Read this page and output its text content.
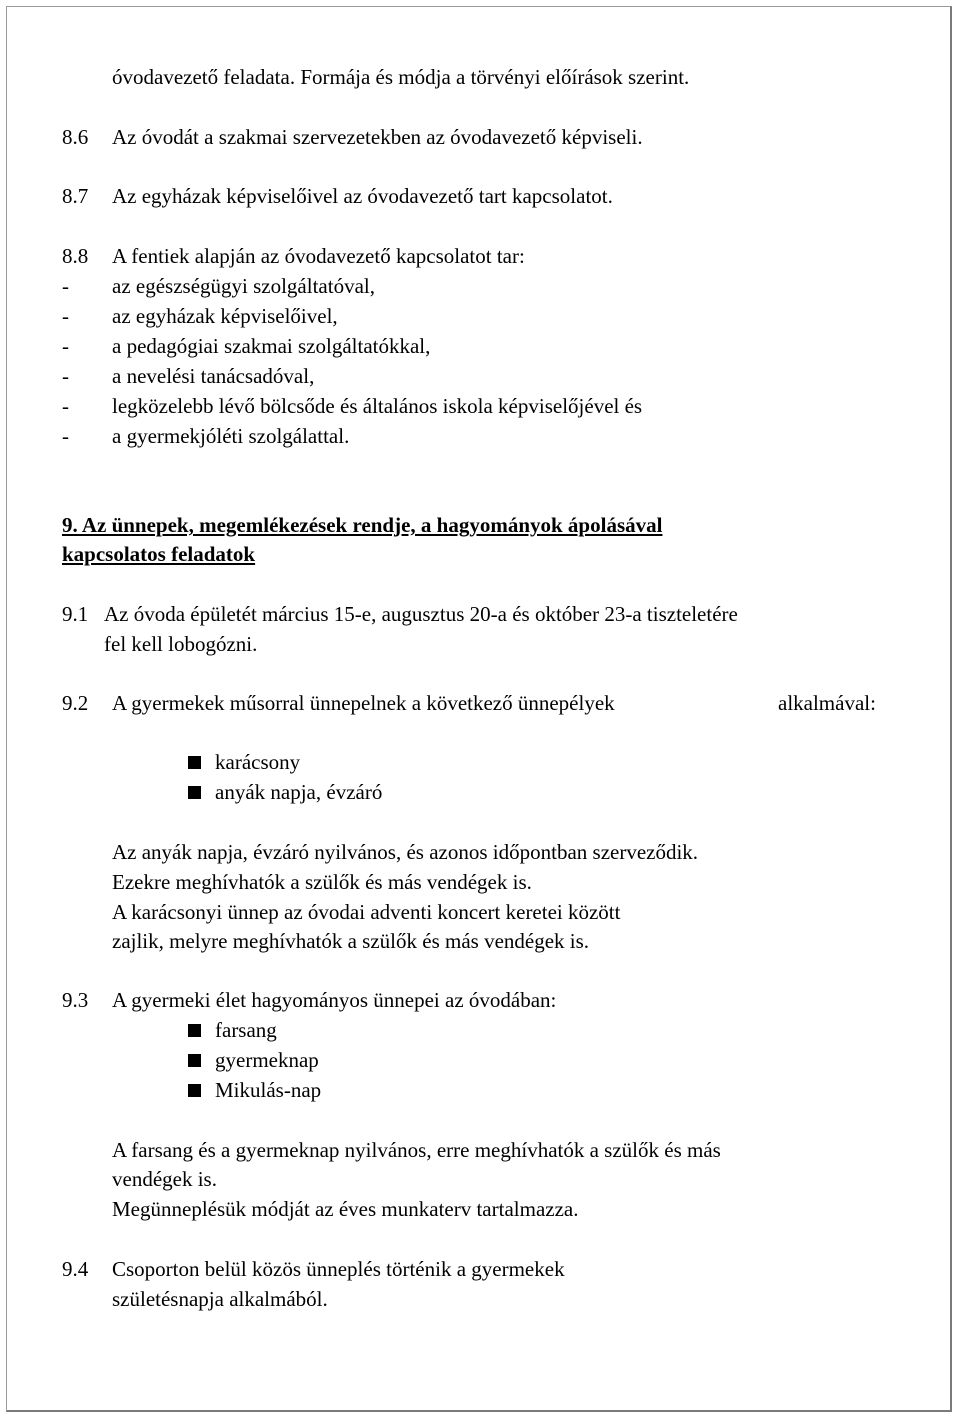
óvodavezető feladata. Formája és módja a törvényi előírások szerint.
8.6 Az óvodát a szakmai szervezetekben az óvodavezető képviseli.
8.7 Az egyházak képviselőivel az óvodavezető tart kapcsolatot.
8.8 A fentiek alapján az óvodavezető kapcsolatot tar:
- az egészségügyi szolgáltatóval,
- az egyházak képviselőivel,
- a pedagógiai szakmai szolgáltatókkal,
- a nevelési tanácsadóval,
- legközelebb lévő bölcsőde és általános iskola képviselőjével és
- a gyermekjóléti szolgálattal.
9. Az ünnepek, megemlékezések rendje, a hagyományok ápolásával
kapcsolatos feladatok
9.1 Az óvoda épületét március 15-e, augusztus 20-a és október 23-a tiszteletére
fel kell lobogózni.
9.2 A gyermekek műsorral ünnepelnek a következő ünnepélyek	alkalmával:
karácsony
anyák napja, évzáró
Az anyák napja, évzáró nyilvános, és azonos időpontban szerveződik.
Ezekre meghívhatók a szülők és más vendégek is.
A karácsonyi ünnep az óvodai adventi koncert keretei között
zajlik, melyre meghívhatók a szülők és más vendégek is.
9.3 A gyermeki élet hagyományos ünnepei az óvodában:
farsang
gyermeknap
Mikulás-nap
A farsang és a gyermeknap nyilvános, erre meghívhatók a szülők és más
vendégek is.
Megünneplésük módját az éves munkaterv tartalmazza.
9.4 Csoporton belül közös ünneplés történik a gyermekek
születésnapja alkalmából.
